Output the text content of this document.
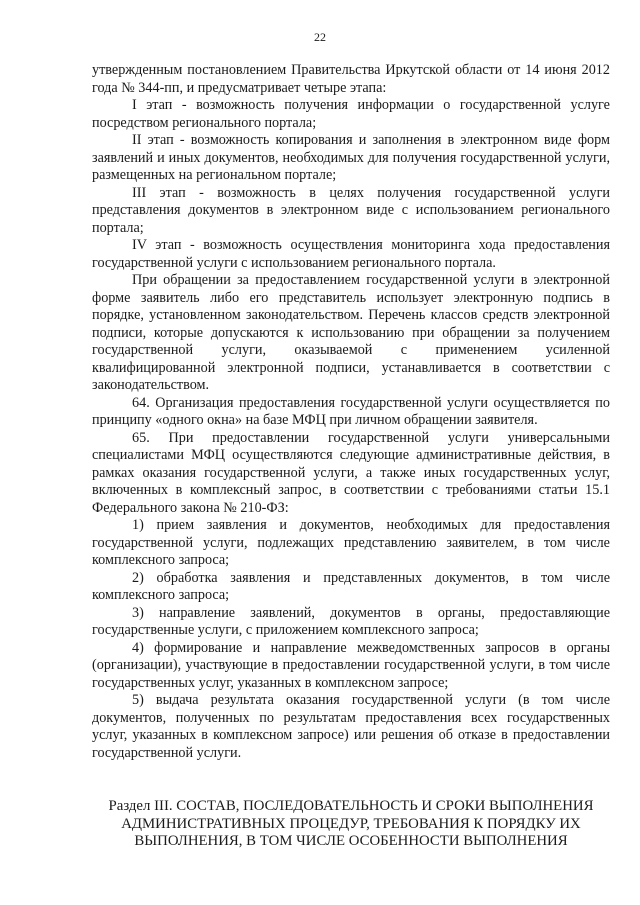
22

утвержденным постановлением Правительства Иркутской области от 14 июня 2012 года № 344-пп, и предусматривает четыре этапа:

I этап - возможность получения информации о государственной услуге посредством регионального портала;

II этап - возможность копирования и заполнения в электронном виде форм заявлений и иных документов, необходимых для получения государственной услуги, размещенных на региональном портале;

III этап - возможность в целях получения государственной услуги представления документов в электронном виде с использованием регионального портала;

IV этап - возможность осуществления мониторинга хода предоставления государственной услуги с использованием регионального портала.

При обращении за предоставлением государственной услуги в электронной форме заявитель либо его представитель использует электронную подпись в порядке, установленном законодательством. Перечень классов средств электронной подписи, которые допускаются к использованию при обращении за получением государственной услуги, оказываемой с применением усиленной квалифицированной электронной подписи, устанавливается в соответствии с законодательством.

64. Организация предоставления государственной услуги осуществляется по принципу «одного окна» на базе МФЦ при личном обращении заявителя.

65. При предоставлении государственной услуги универсальными специалистами МФЦ осуществляются следующие административные действия, в рамках оказания государственной услуги, а также иных государственных услуг, включенных в комплексный запрос, в соответствии с требованиями статьи 15.1 Федерального закона № 210-ФЗ:

1) прием заявления и документов, необходимых для предоставления государственной услуги, подлежащих представлению заявителем, в том числе комплексного запроса;

2) обработка заявления и представленных документов, в том числе комплексного запроса;

3) направление заявлений, документов в органы, предоставляющие государственные услуги, с приложением комплексного запроса;

4) формирование и направление межведомственных запросов в органы (организации), участвующие в предоставлении государственной услуги, в том числе государственных услуг, указанных в комплексном запросе;

5) выдача результата оказания государственной услуги (в том числе документов, полученных по результатам предоставления всех государственных услуг, указанных в комплексном запросе) или решения об отказе в предоставлении государственной услуги.

Раздел III. СОСТАВ, ПОСЛЕДОВАТЕЛЬНОСТЬ И СРОКИ ВЫПОЛНЕНИЯ АДМИНИСТРАТИВНЫХ ПРОЦЕДУР, ТРЕБОВАНИЯ К ПОРЯДКУ ИХ ВЫПОЛНЕНИЯ, В ТОМ ЧИСЛЕ ОСОБЕННОСТИ ВЫПОЛНЕНИЯ
